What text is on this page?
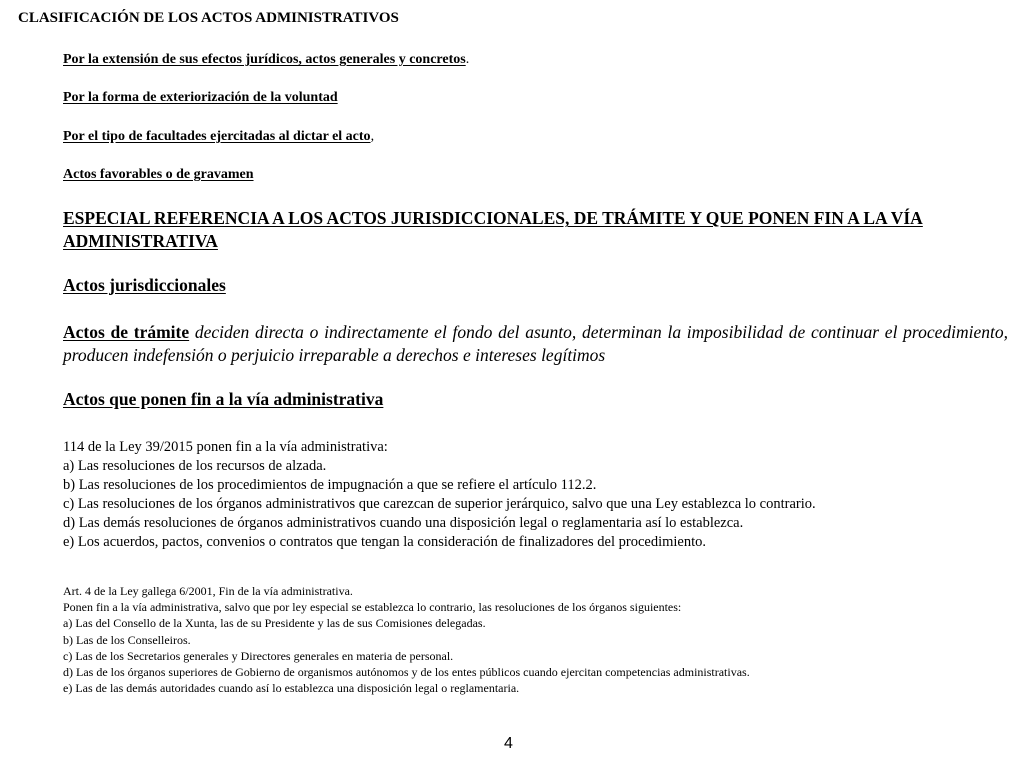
CLASIFICACIÓN DE LOS ACTOS ADMINISTRATIVOS
Por la extensión de sus efectos jurídicos, actos generales y concretos.
Por la forma de exteriorización de la voluntad
Por el tipo de facultades ejercitadas al dictar el acto,
Actos favorables o de gravamen
ESPECIAL REFERENCIA A LOS ACTOS JURISDICCIONALES, DE TRÁMITE Y QUE PONEN FIN A LA VÍA ADMINISTRATIVA
Actos jurisdiccionales
Actos de trámite deciden directa o indirectamente el fondo del asunto, determinan la imposibilidad de continuar el procedimiento, producen indefensión o perjuicio irreparable a derechos e intereses legítimos
Actos que ponen fin a la vía administrativa
114 de la Ley 39/2015 ponen fin a la vía administrativa:
a) Las resoluciones de los recursos de alzada.
b) Las resoluciones de los procedimientos de impugnación a que se refiere el artículo 112.2.
c) Las resoluciones de los órganos administrativos que carezcan de superior jerárquico, salvo que una Ley establezca lo contrario.
d) Las demás resoluciones de órganos administrativos cuando una disposición legal o reglamentaria así lo establezca.
e) Los acuerdos, pactos, convenios o contratos que tengan la consideración de finalizadores del procedimiento.
Art. 4 de la Ley gallega 6/2001, Fin de la vía administrativa.
Ponen fin a la vía administrativa, salvo que por ley especial se establezca lo contrario, las resoluciones de los órganos siguientes:
a) Las del Consello de la Xunta, las de su Presidente y las de sus Comisiones delegadas.
b) Las de los Conselleiros.
c) Las de los Secretarios generales y Directores generales en materia de personal.
d) Las de los órganos superiores de Gobierno de organismos autónomos y de los entes públicos cuando ejercitan competencias administrativas.
e) Las de las demás autoridades cuando así lo establezca una disposición legal o reglamentaria.
4
